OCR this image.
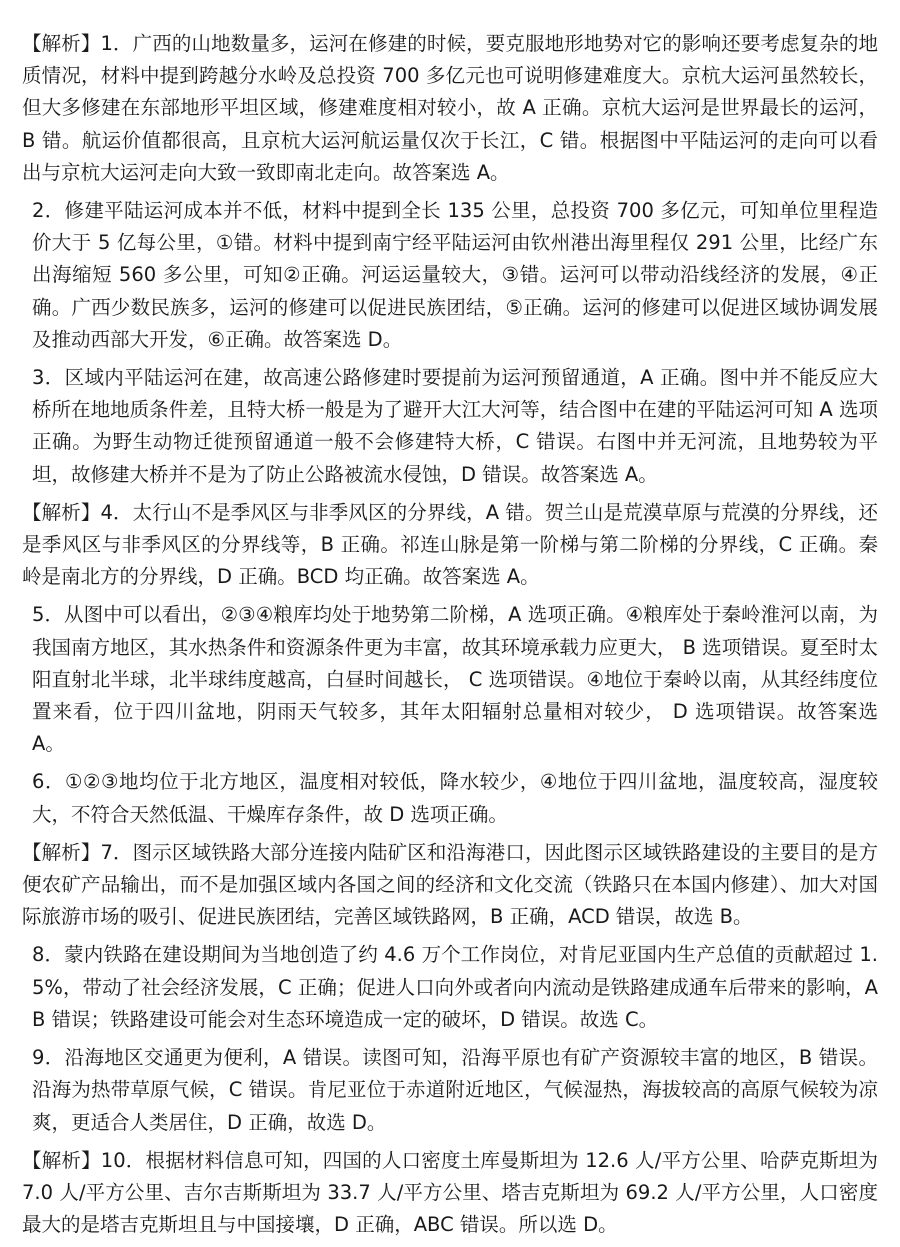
【解析】1．广西的山地数量多，运河在修建的时候，要克服地形地势对它的影响还要考虑复杂的地质情况，材料中提到跨越分水岭及总投资 700 多亿元也可说明修建难度大。京杭大运河虽然较长，但大多修建在东部地形平坦区域，修建难度相对较小，故 A 正确。京杭大运河是世界最长的运河，B 错。航运价值都很高，且京杭大运河航运量仅次于长江，C 错。根据图中平陆运河的走向可以看出与京杭大运河走向大致一致即南北走向。故答案选 A。

2．修建平陆运河成本并不低，材料中提到全长 135 公里，总投资 700 多亿元，可知单位里程造价大于 5 亿每公里，①错。材料中提到南宁经平陆运河由钦州港出海里程仅 291 公里，比经广东出海缩短 560 多公里，可知②正确。河运运量较大，③错。运河可以带动沿线经济的发展，④正确。广西少数民族多，运河的修建可以促进民族团结，⑤正确。运河的修建可以促进区域协调发展及推动西部大开发，⑥正确。故答案选 D。

3．区域内平陆运河在建，故高速公路修建时要提前为运河预留通道，A 正确。图中并不能反应大桥所在地地质条件差，且特大桥一般是为了避开大江大河等，结合图中在建的平陆运河可知 A 选项正确。为野生动物迁徙预留通道一般不会修建特大桥，C 错误。右图中并无河流，且地势较为平坦，故修建大桥并不是为了防止公路被流水侵蚀，D 错误。故答案选 A。

【解析】4．太行山不是季风区与非季风区的分界线，A 错。贺兰山是荒漠草原与荒漠的分界线，还是季风区与非季风区的分界线等，B 正确。祁连山脉是第一阶梯与第二阶梯的分界线，C 正确。秦岭是南北方的分界线，D 正确。BCD 均正确。故答案选 A。

5．从图中可以看出，②③④粮库均处于地势第二阶梯，A 选项正确。④粮库处于秦岭淮河以南，为我国南方地区，其水热条件和资源条件更为丰富，故其环境承载力应更大， B 选项错误。夏至时太阳直射北半球，北半球纬度越高，白昼时间越长， C 选项错误。④地位于秦岭以南，从其经纬度位置来看，位于四川盆地，阴雨天气较多，其年太阳辐射总量相对较少， D 选项错误。故答案选 A。

6．①②③地均位于北方地区，温度相对较低，降水较少，④地位于四川盆地，温度较高，湿度较大，不符合天然低温、干燥库存条件，故 D 选项正确。

【解析】7．图示区域铁路大部分连接内陆矿区和沿海港口，因此图示区域铁路建设的主要目的是方便农矿产品输出，而不是加强区域内各国之间的经济和文化交流（铁路只在本国内修建）、加大对国际旅游市场的吸引、促进民族团结，完善区域铁路网，B 正确，ACD 错误，故选 B。

8．蒙内铁路在建设期间为当地创造了约 4.6 万个工作岗位，对肯尼亚国内生产总值的贡献超过 1.5%，带动了社会经济发展，C 正确；促进人口向外或者向内流动是铁路建成通车后带来的影响，AB 错误；铁路建设可能会对生态环境造成一定的破坏，D 错误。故选 C。

9．沿海地区交通更为便利，A 错误。读图可知，沿海平原也有矿产资源较丰富的地区，B 错误。沿海为热带草原气候，C 错误。肯尼亚位于赤道附近地区，气候湿热，海拔较高的高原气候较为凉爽，更适合人类居住，D 正确，故选 D。

【解析】10．根据材料信息可知，四国的人口密度土库曼斯坦为 12.6 人/平方公里、哈萨克斯坦为 7.0 人/平方公里、吉尔吉斯斯坦为 33.7 人/平方公里、塔吉克斯坦为 69.2 人/平方公里，人口密度最大的是塔吉克斯坦且与中国接壤，D 正确，ABC 错误。所以选 D。
